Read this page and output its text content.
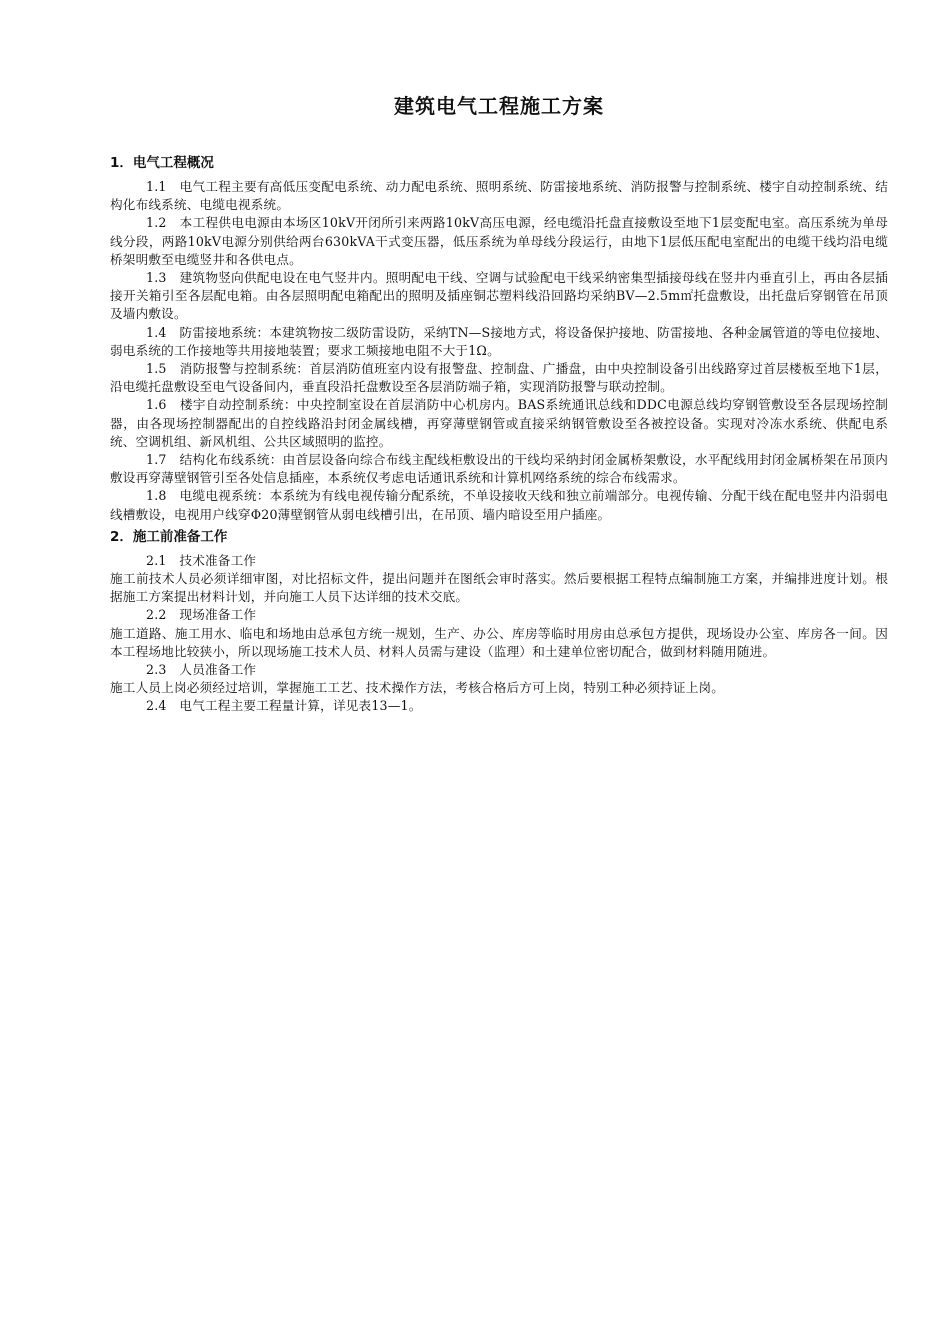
建筑电气工程施工方案
1．电气工程概况

1.1　电气工程主要有高低压变配电系统、动力配电系统、照明系统、防雷接地系统、消防报警与控制系统、楼宇自动控制系统、结构化布线系统、电缆电视系统。

1.2　本工程供电电源由本场区10kV开闭所引来两路10kV高压电源，经电缆沿托盘直接敷设至地下1层变配电室。高压系统为单母线分段，两路10kV电源分别供给两台630kVA干式变压器，低压系统为单母线分段运行，由地下1层低压配电室配出的电缆干线均沿电缆桥架明敷至电缆竖井和各供电点。

1.3　建筑物竖向供配电设在电气竖井内。照明配电干线、空调与试验配电干线采纳密集型插接母线在竖井内垂直引上，再由各层插接开关箱引至各层配电箱。由各层照明配电箱配出的照明及插座铜芯塑料线沿回路均采纳BV—2.5m㎡托盘敷设，出托盘后穿钢管在吊顶及墙内敷设。

1.4　防雷接地系统：本建筑物按二级防雷设防，采纳TN—S接地方式，将设备保护接地、防雷接地、各种金属管道的等电位接地、弱电系统的工作接地等共用接地装置；要求工频接地电阻不大于1Ω。

1.5　消防报警与控制系统：首层消防值班室内设有报警盘、控制盘、广播盘，由中央控制设备引出线路穿过首层楼板至地下1层，沿电缆托盘敷设至电气设备间内，垂直段沿托盘敷设至各层消防端子箱，实现消防报警与联动控制。

1.6　楼宇自动控制系统：中央控制室设在首层消防中心机房内。BAS系统通讯总线和DDC电源总线均穿钢管敷设至各层现场控制器，由各现场控制器配出的自控线路沿封闭金属线槽，再穿薄壁钢管或直接采纳钢管敷设至各被控设备。实现对冷冻水系统、供配电系统、空调机组、新风机组、公共区域照明的监控。

1.7　结构化布线系统：由首层设备向综合布线主配线柜敷设出的干线均采纳封闭金属桥架敷设，水平配线用封闭金属桥架在吊顶内敷设再穿薄壁钢管引至各处信息插座，本系统仅考虑电话通讯系统和计算机网络系统的综合布线需求。

1.8　电缆电视系统：本系统为有线电视传输分配系统，不单设接收天线和独立前端部分。电视传输、分配干线在配电竖井内沿弱电线槽敷设，电视用户线穿Φ20薄壁钢管从弱电线槽引出，在吊顶、墙内暗设至用户插座。

2．施工前准备工作

2.1　技术准备工作

施工前技术人员必须详细审图，对比招标文件，提出问题并在图纸会审时落实。然后要根据工程特点编制施工方案，并编排进度计划。根据施工方案提出材料计划，并向施工人员下达详细的技术交底。

2.2　现场准备工作

施工道路、施工用水、临电和场地由总承包方统一规划，生产、办公、库房等临时用房由总承包方提供，现场设办公室、库房各一间。因本工程场地比较狭小，所以现场施工技术人员、材料人员需与建设（监理）和土建单位密切配合，做到材料随用随进。

2.3　人员准备工作

施工人员上岗必须经过培训，掌握施工工艺、技术操作方法，考核合格后方可上岗，特别工种必须持证上岗。

2.4　电气工程主要工程量计算，详见表13—1。
